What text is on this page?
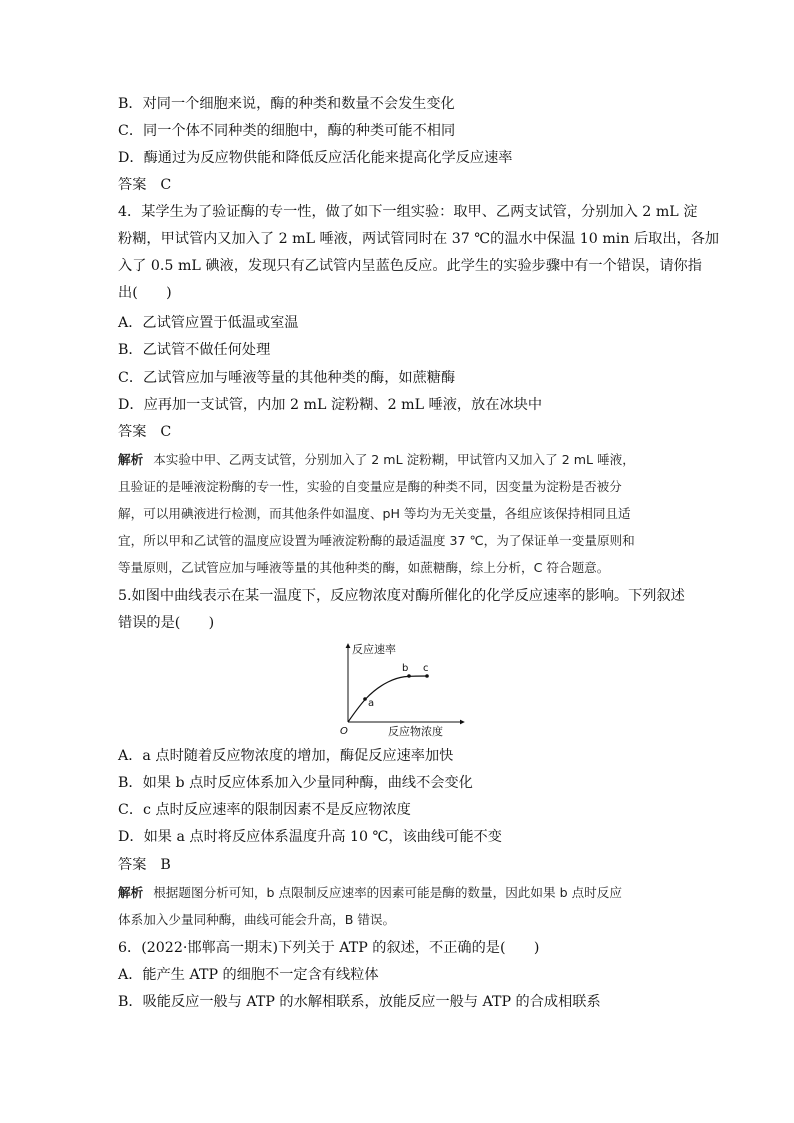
B．对同一个细胞来说，酶的种类和数量不会发生变化
C．同一个体不同种类的细胞中，酶的种类可能不相同
D．酶通过为反应物供能和降低反应活化能来提高化学反应速率
答案 C
4．某学生为了验证酶的专一性，做了如下一组实验：取甲、乙两支试管，分别加入 2 mL 淀
粉糊，甲试管内又加入了 2 mL 唾液，两试管同时在 37 ℃的温水中保温 10 min 后取出，各加
入了 0.5 mL 碘液，发现只有乙试管内呈蓝色反应。此学生的实验步骤中有一个错误，请你指
出(　　)
A．乙试管应置于低温或室温
B．乙试管不做任何处理
C．乙试管应加与唾液等量的其他种类的酶，如蔗糖酶
D．应再加一支试管，内加 2 mL 淀粉糊、2 mL 唾液，放在冰块中
答案 C
解析 本实验中甲、乙两支试管，分别加入了 2 mL 淀粉糊，甲试管内又加入了 2 mL 唾液，
且验证的是唾液淀粉酶的专一性，实验的自变量应是酶的种类不同，因变量为淀粉是否被分
解，可以用碘液进行检测，而其他条件如温度、pH 等均为无关变量，各组应该保持相同且适
宜，所以甲和乙试管的温度应设置为唾液淀粉酶的最适温度 37 ℃，为了保证单一变量原则和
等量原则，乙试管应加与唾液等量的其他种类的酶，如蔗糖酶，综上分析，C 符合题意。
5.如图中曲线表示在某一温度下，反应物浓度对酶所催化的化学反应速率的影响。下列叙述
错误的是(　　)
反应速率
O	反应物浓度
a
b c
A．a 点时随着反应物浓度的增加，酶促反应速率加快
B．如果 b 点时反应体系加入少量同种酶，曲线不会变化
C．c 点时反应速率的限制因素不是反应物浓度
D．如果 a 点时将反应体系温度升高 10 ℃，该曲线可能不变
答案 B
解析 根据题图分析可知，b 点限制反应速率的因素可能是酶的数量，因此如果 b 点时反应
体系加入少量同种酶，曲线可能会升高，B 错误。
6．(2022·邯郸高一期末)下列关于 ATP 的叙述，不正确的是(　　)
A．能产生 ATP 的细胞不一定含有线粒体
B．吸能反应一般与 ATP 的水解相联系，放能反应一般与 ATP 的合成相联系
